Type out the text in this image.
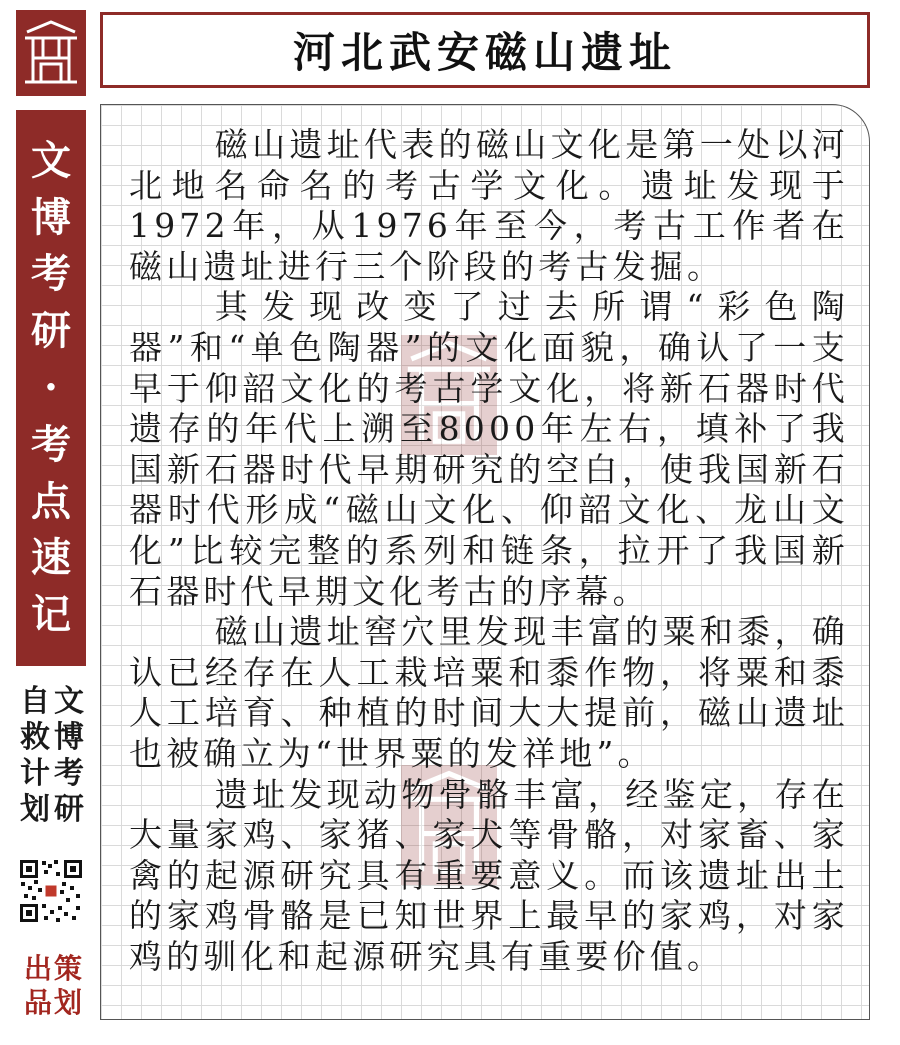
文
博
考
研
·
考
点
速
记
文
博
考
研
自
救
计
划
策
划
出
品
河北武安磁山遗址

磁山遗址代表的磁山文化是第一处以河北地名命名的考古学文化。遗址发现于1972年，从1976年至今，考古工作者在磁山遗址进行三个阶段的考古发掘。

其发现改变了过去所谓“彩色陶器”和“单色陶器”的文化面貌，确认了一支早于仰韶文化的考古学文化，将新石器时代遗存的年代上溯至8000年左右，填补了我国新石器时代早期研究的空白，使我国新石器时代形成“磁山文化、仰韶文化、龙山文化”比较完整的系列和链条，拉开了我国新石器时代早期文化考古的序幕。

磁山遗址窖穴里发现丰富的粟和黍，确认已经存在人工栽培粟和黍作物，将粟和黍人工培育、种植的时间大大提前，磁山遗址也被确立为“世界粟的发祥地”。

遗址发现动物骨骼丰富，经鉴定，存在大量家鸡、家猪、家犬等骨骼，对家畜、家禽的起源研究具有重要意义。而该遗址出土的家鸡骨骼是已知世界上最早的家鸡，对家鸡的驯化和起源研究具有重要价值。
